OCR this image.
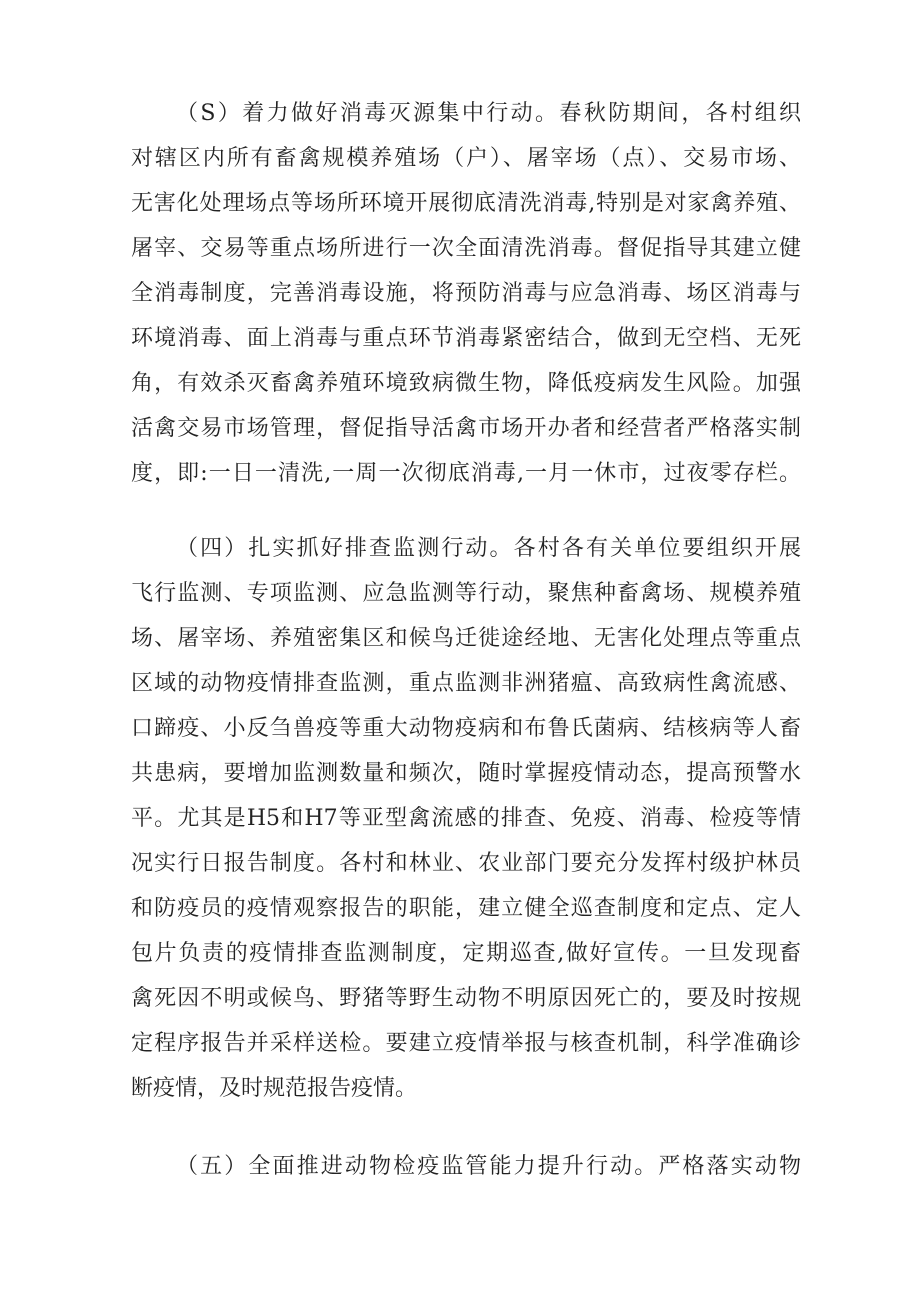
（S）着力做好消毒灭源集中行动。春秋防期间，各村组织
对辖区内所有畜禽规模养殖场（户）、屠宰场（点）、交易市场、
无害化处理场点等场所环境开展彻底清洗消毒,特别是对家禽养殖、
屠宰、交易等重点场所进行一次全面清洗消毒。督促指导其建立健
全消毒制度，完善消毒设施，将预防消毒与应急消毒、场区消毒与
环境消毒、面上消毒与重点环节消毒紧密结合，做到无空档、无死
角，有效杀灭畜禽养殖环境致病微生物，降低疫病发生风险。加强
活禽交易市场管理，督促指导活禽市场开办者和经营者严格落实制
度，即:一日一清洗,一周一次彻底消毒,一月一休市，过夜零存栏。
（四）扎实抓好排查监测行动。各村各有关单位要组织开展
飞行监测、专项监测、应急监测等行动，聚焦种畜禽场、规模养殖
场、屠宰场、养殖密集区和候鸟迁徙途经地、无害化处理点等重点
区域的动物疫情排查监测，重点监测非洲猪瘟、高致病性禽流感、
口蹄疫、小反刍兽疫等重大动物疫病和布鲁氏菌病、结核病等人畜
共患病，要增加监测数量和频次，随时掌握疫情动态，提高预警水
平。尤其是H5和H7等亚型禽流感的排查、免疫、消毒、检疫等情
况实行日报告制度。各村和林业、农业部门要充分发挥村级护林员
和防疫员的疫情观察报告的职能，建立健全巡查制度和定点、定人
包片负责的疫情排查监测制度，定期巡查,做好宣传。一旦发现畜
禽死因不明或候鸟、野猪等野生动物不明原因死亡的，要及时按规
定程序报告并采样送检。要建立疫情举报与核查机制，科学准确诊
断疫情，及时规范报告疫情。
（五）全面推进动物检疫监管能力提升行动。严格落实动物
